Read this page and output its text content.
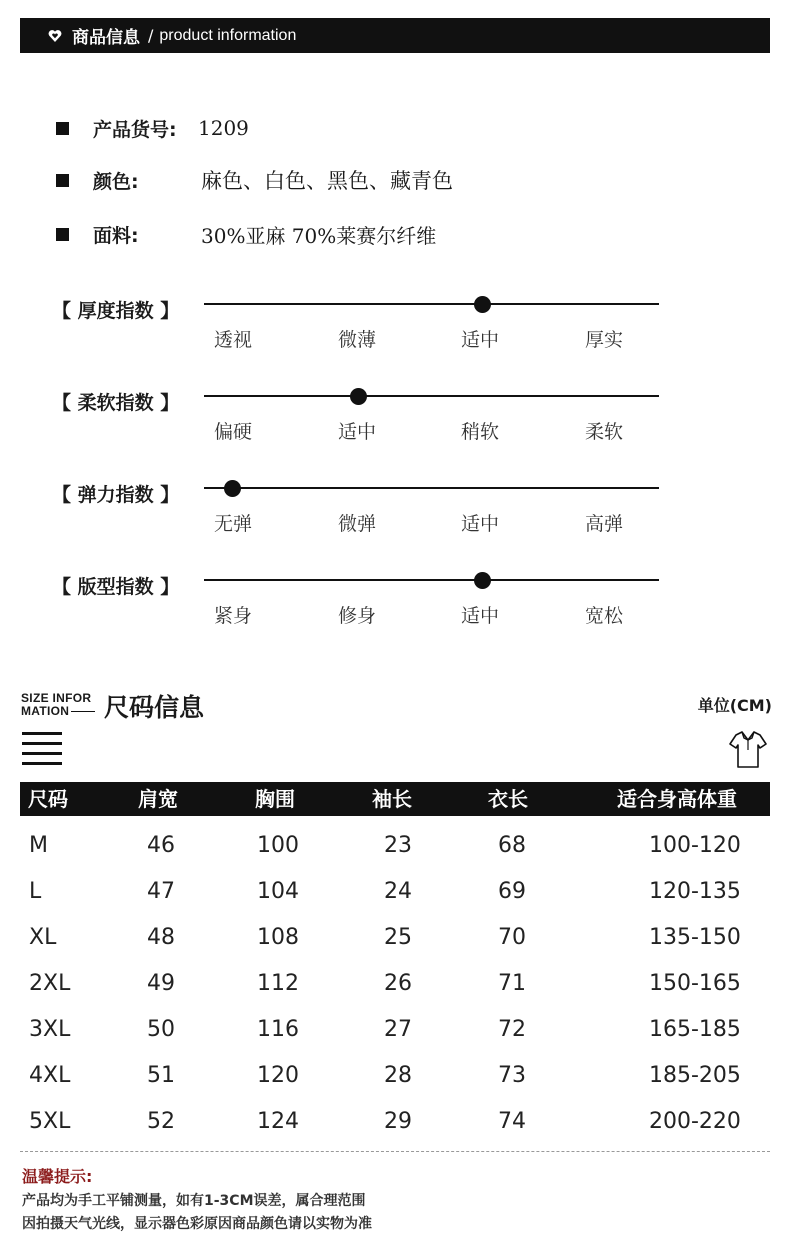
商品信息 / product information
产品货号:	1209
颜色:	麻色、白色、黑色、藏青色
面料:	30%亚麻 70%莱赛尔纤维
【 厚度指数 】
透视	微薄	适中	厚实
【 柔软指数 】
偏硬	适中	稍软	柔软
【 弹力指数 】
无弹	微弹	适中	高弹
【 版型指数 】
紧身	修身	适中	宽松
SIZE INFOR
MATION	尺码信息	单位(CM)
尺码	肩宽	胸围	袖长	衣长	适合身高体重
M	46	100	23	68	100-120
L	47	104	24	69	120-135
XL	48	108	25	70	135-150
2XL	49	112	26	71	150-165
3XL	50	116	27	72	165-185
4XL	51	120	28	73	185-205
5XL	52	124	29	74	200-220
温馨提示:
产品均为手工平铺测量，如有1-3CM误差，属合理范围
因拍摄天气光线，显示器色彩原因商品颜色请以实物为准
